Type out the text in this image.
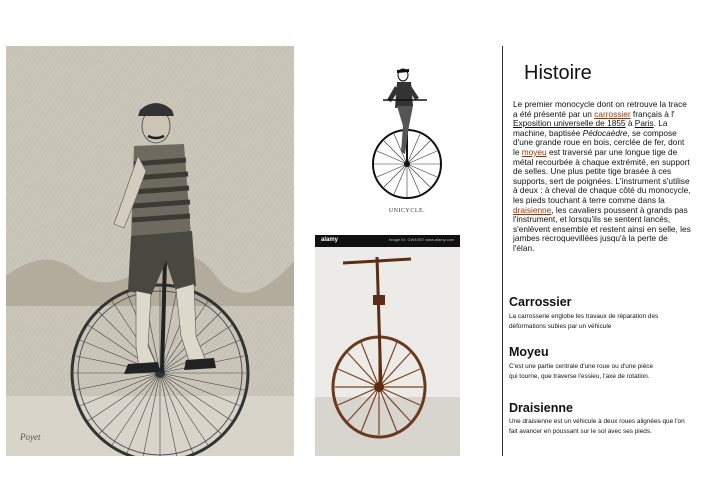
Poyet
UNICYCLE.
alamy	Image ID: GW4XBT www.alamy.com
Histoire

Le premier monocycle dont on retrouve la trace a été présenté par un carrossier français à l' Exposition universelle de 1855 à Paris. La machine, baptisée Pédocaèdre, se compose d'une grande roue en bois, cerclée de fer, dont le moyeu est traversé par une longue tige de métal recourbée à chaque extrémité, en support de selles. Une plus petite tige brasée à ces supports, sert de poignées. L'instrument s'utilise à deux : à cheval de chaque côté du monocycle, les pieds touchant à terre comme dans la draisienne, les cavaliers poussent à grands pas l'instrument, et lorsqu'ils se sentent lancés, s'enlèvent ensemble et restent ainsi en selle, les jambes recroquevillées jusqu'à la perte de l'élan.

Carrossier

La carrosserie englobe les travaux de réparation des déformations subies par un véhicule

Moyeu

C'est une partie centrale d'une roue ou d'une pièce qui tourne, que traverse l'essieu, l'axe de rotation.

Draisienne

Une draisienne est un véhicule à deux roues alignées que l'on fait avancer en poussant sur le sol avec ses pieds.
